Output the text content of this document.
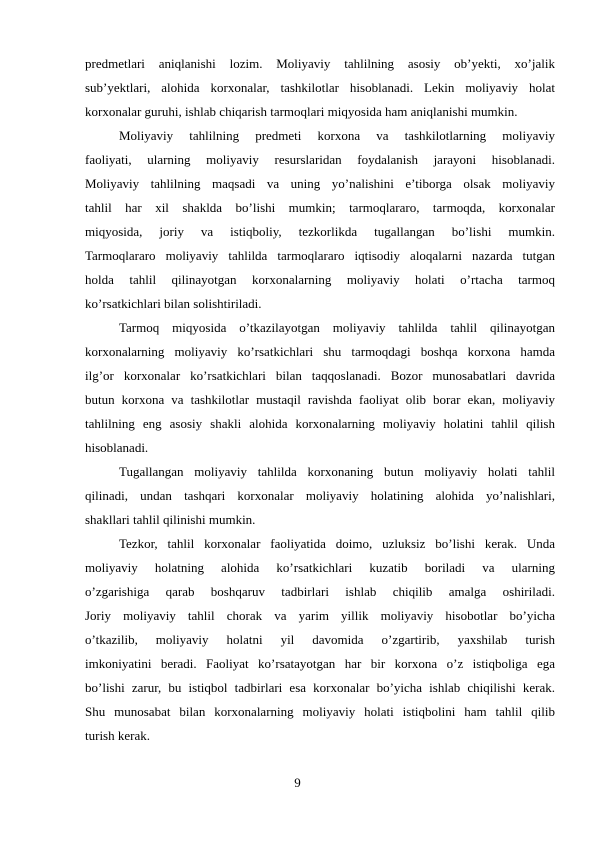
predmetlari aniqlanishi lozim. Moliyaviy tahlilning asosiy ob’yekti, xo’jalik
sub’yektlari, alohida korxonalar, tashkilotlar hisoblanadi. Lekin moliyaviy holat
korxonalar guruhi, ishlab chiqarish tarmoqlari miqyosida ham aniqlanishi mumkin.
Moliyaviy tahlilning predmeti korxona va tashkilotlarning moliyaviy
faoliyati, ularning moliyaviy resurslaridan foydalanish jarayoni hisoblanadi.
Moliyaviy tahlilning maqsadi va uning yo’nalishini e’tiborga olsak moliyaviy
tahlil har xil shaklda bo’lishi mumkin; tarmoqlararo, tarmoqda, korxonalar
miqyosida, joriy va istiqboliy, tezkorlikda tugallangan bo’lishi mumkin.
Tarmoqlararo moliyaviy tahlilda tarmoqlararo iqtisodiy aloqalarni nazarda tutgan
holda tahlil qilinayotgan korxonalarning moliyaviy holati o’rtacha tarmoq
ko’rsatkichlari bilan solishtiriladi.
Tarmoq miqyosida o’tkazilayotgan moliyaviy tahlilda tahlil qilinayotgan
korxonalarning moliyaviy ko’rsatkichlari shu tarmoqdagi boshqa korxona hamda
ilg’or korxonalar ko’rsatkichlari bilan taqqoslanadi. Bozor munosabatlari davrida
butun korxona va tashkilotlar mustaqil ravishda faoliyat olib borar ekan, moliyaviy
tahlilning eng asosiy shakli alohida korxonalarning moliyaviy holatini tahlil qilish
hisoblanadi.
Tugallangan moliyaviy tahlilda korxonaning butun moliyaviy holati tahlil
qilinadi, undan tashqari korxonalar moliyaviy holatining alohida yo’nalishlari,
shakllari tahlil qilinishi mumkin.
Tezkor, tahlil korxonalar faoliyatida doimo, uzluksiz bo’lishi kerak. Unda
moliyaviy holatning alohida ko’rsatkichlari kuzatib boriladi va ularning
o’zgarishiga qarab boshqaruv tadbirlari ishlab chiqilib amalga oshiriladi.
Joriy moliyaviy tahlil chorak va yarim yillik moliyaviy hisobotlar bo’yicha
o’tkazilib, moliyaviy holatni yil davomida o’zgartirib, yaxshilab turish
imkoniyatini beradi. Faoliyat ko’rsatayotgan har bir korxona o’z istiqboliga ega
bo’lishi zarur, bu istiqbol tadbirlari esa korxonalar bo’yicha ishlab chiqilishi kerak.
Shu munosabat bilan korxonalarning moliyaviy holati istiqbolini ham tahlil qilib
turish kerak.
9
